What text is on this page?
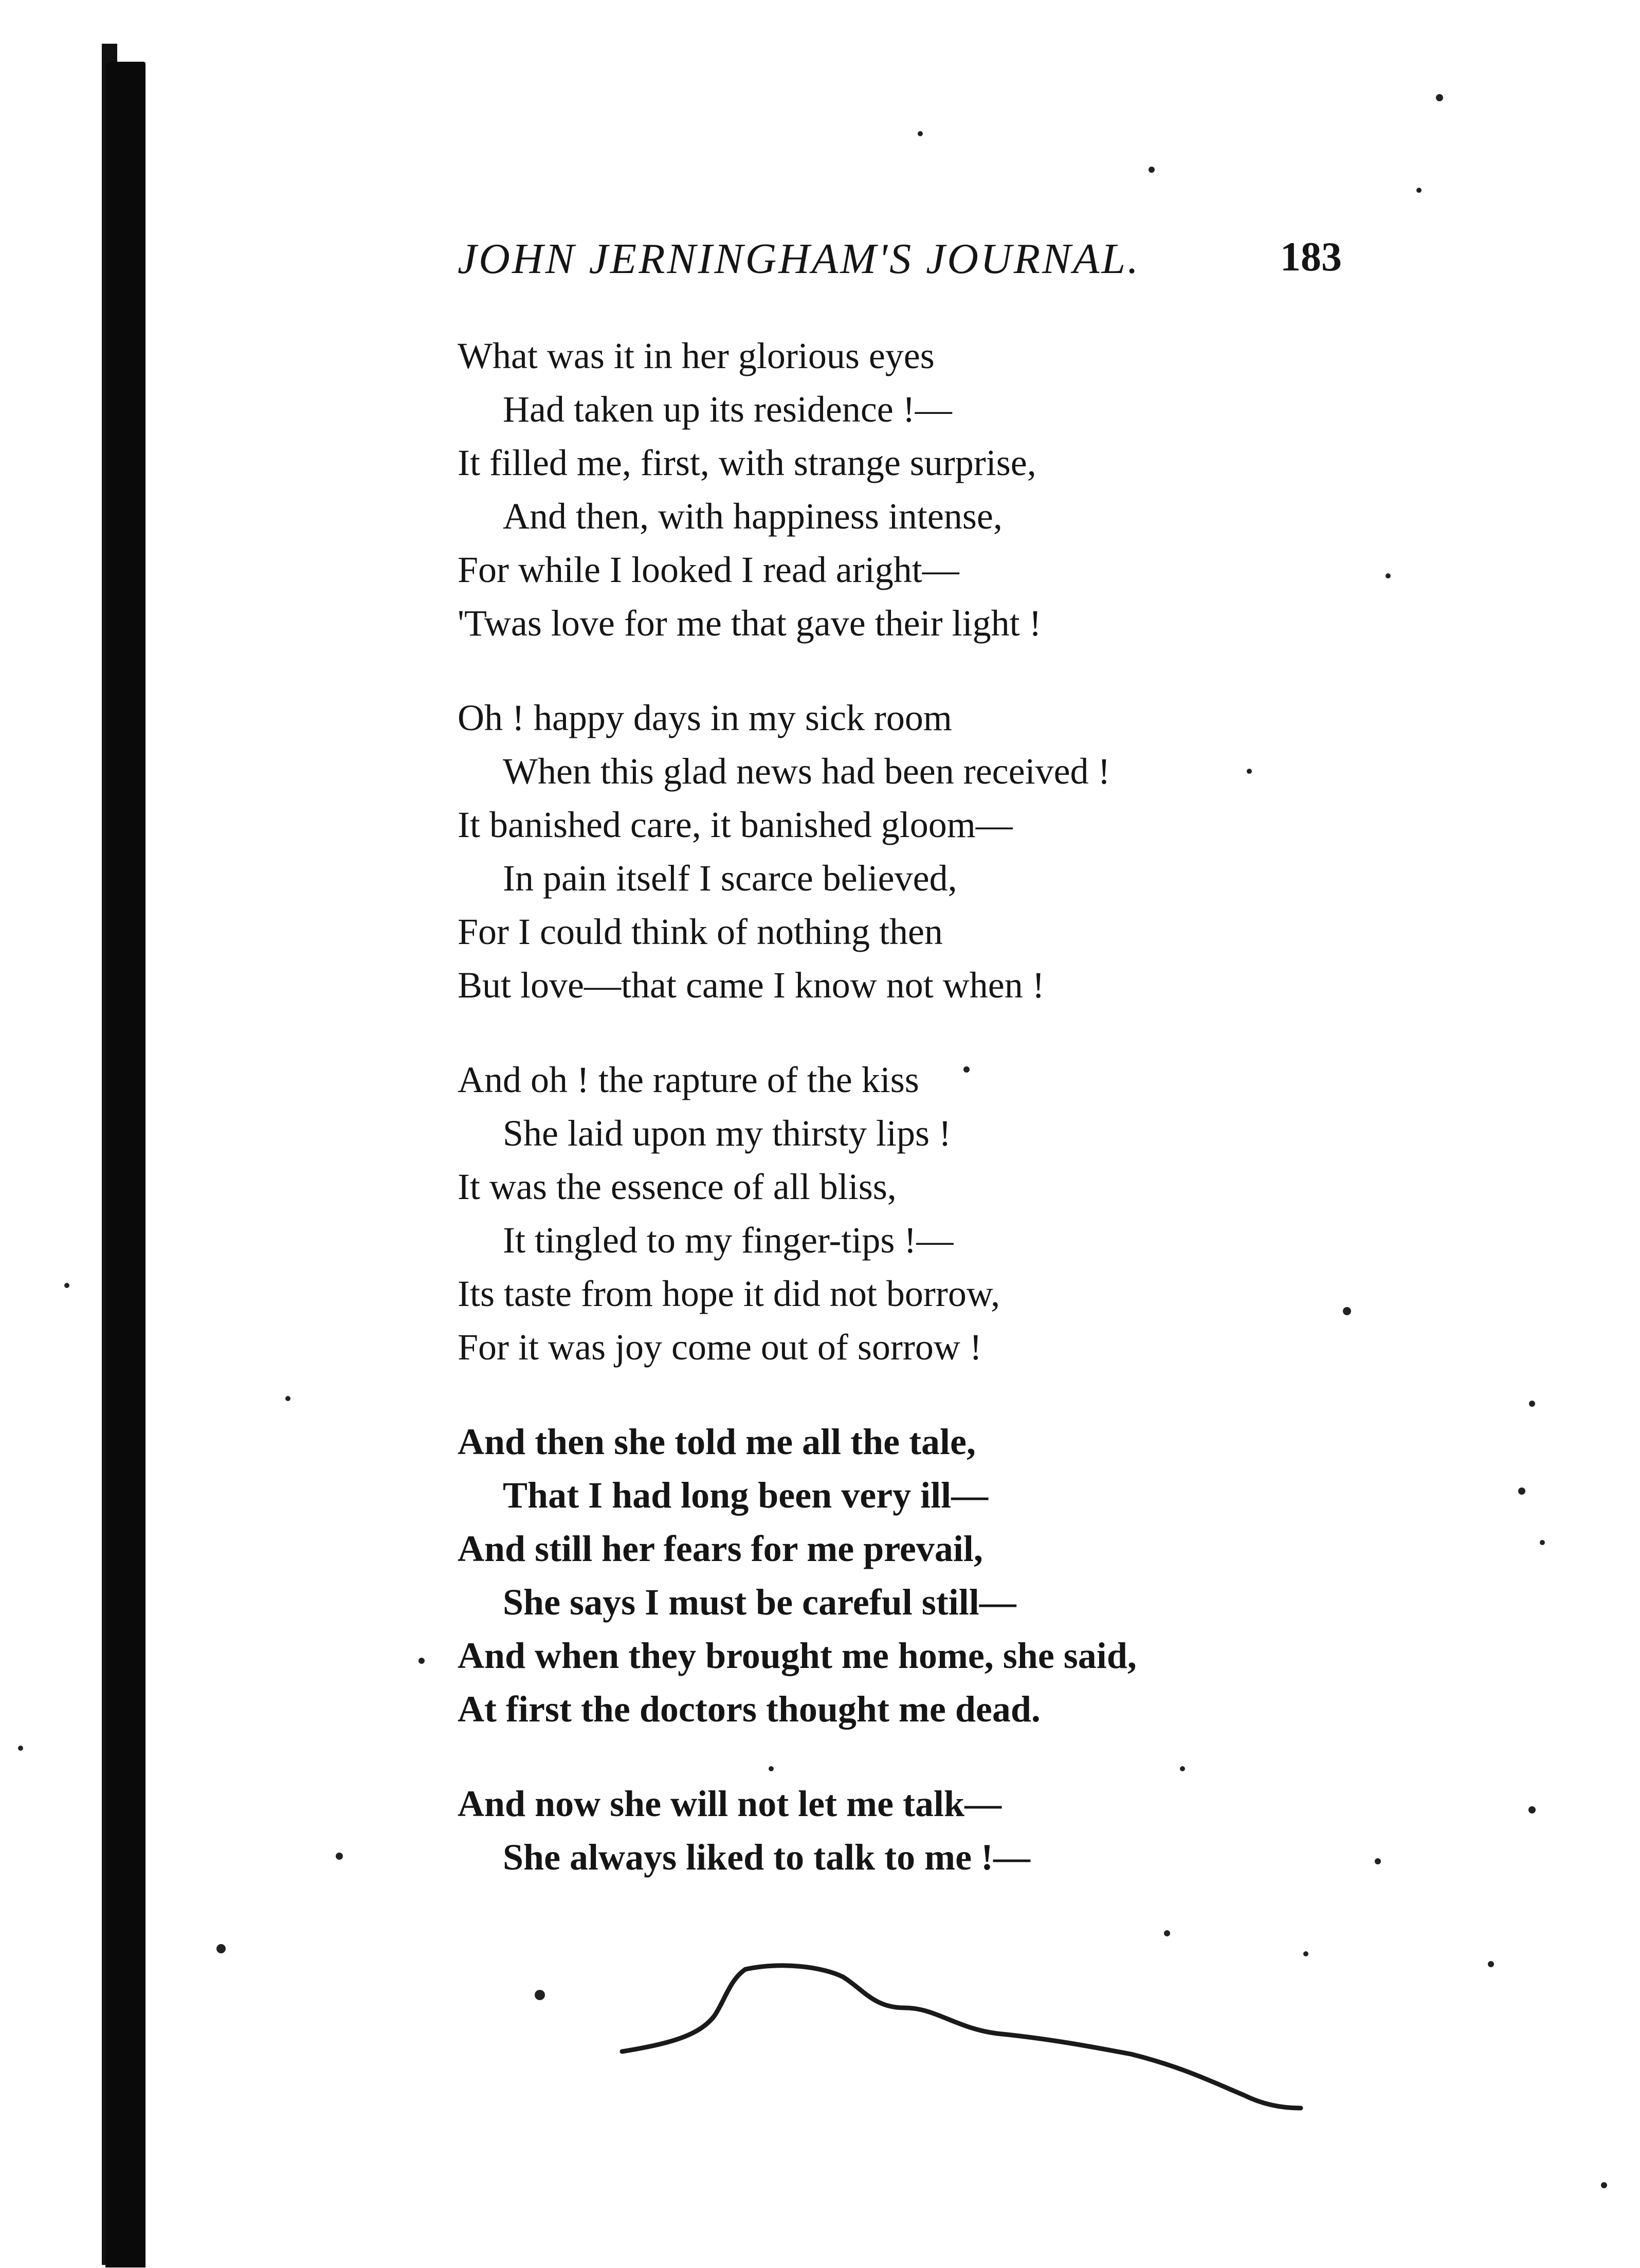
JOHN JERNINGHAM'S JOURNAL.	183
What was it in her glorious eyes
Had taken up its residence !—
It filled me, first, with strange surprise,
And then, with happiness intense,
For while I looked I read aright—
'Twas love for me that gave their light !
Oh ! happy days in my sick room
When this glad news had been received !
It banished care, it banished gloom—
In pain itself I scarce believed,
For I could think of nothing then
But love—that came I know not when !
And oh ! the rapture of the kiss
She laid upon my thirsty lips !
It was the essence of all bliss,
It tingled to my finger-tips !—
Its taste from hope it did not borrow,
For it was joy come out of sorrow !
And then she told me all the tale,
That I had long been very ill—
And still her fears for me prevail,
She says I must be careful still—
And when they brought me home, she said,
At first the doctors thought me dead.
And now she will not let me talk—
She always liked to talk to me !—
